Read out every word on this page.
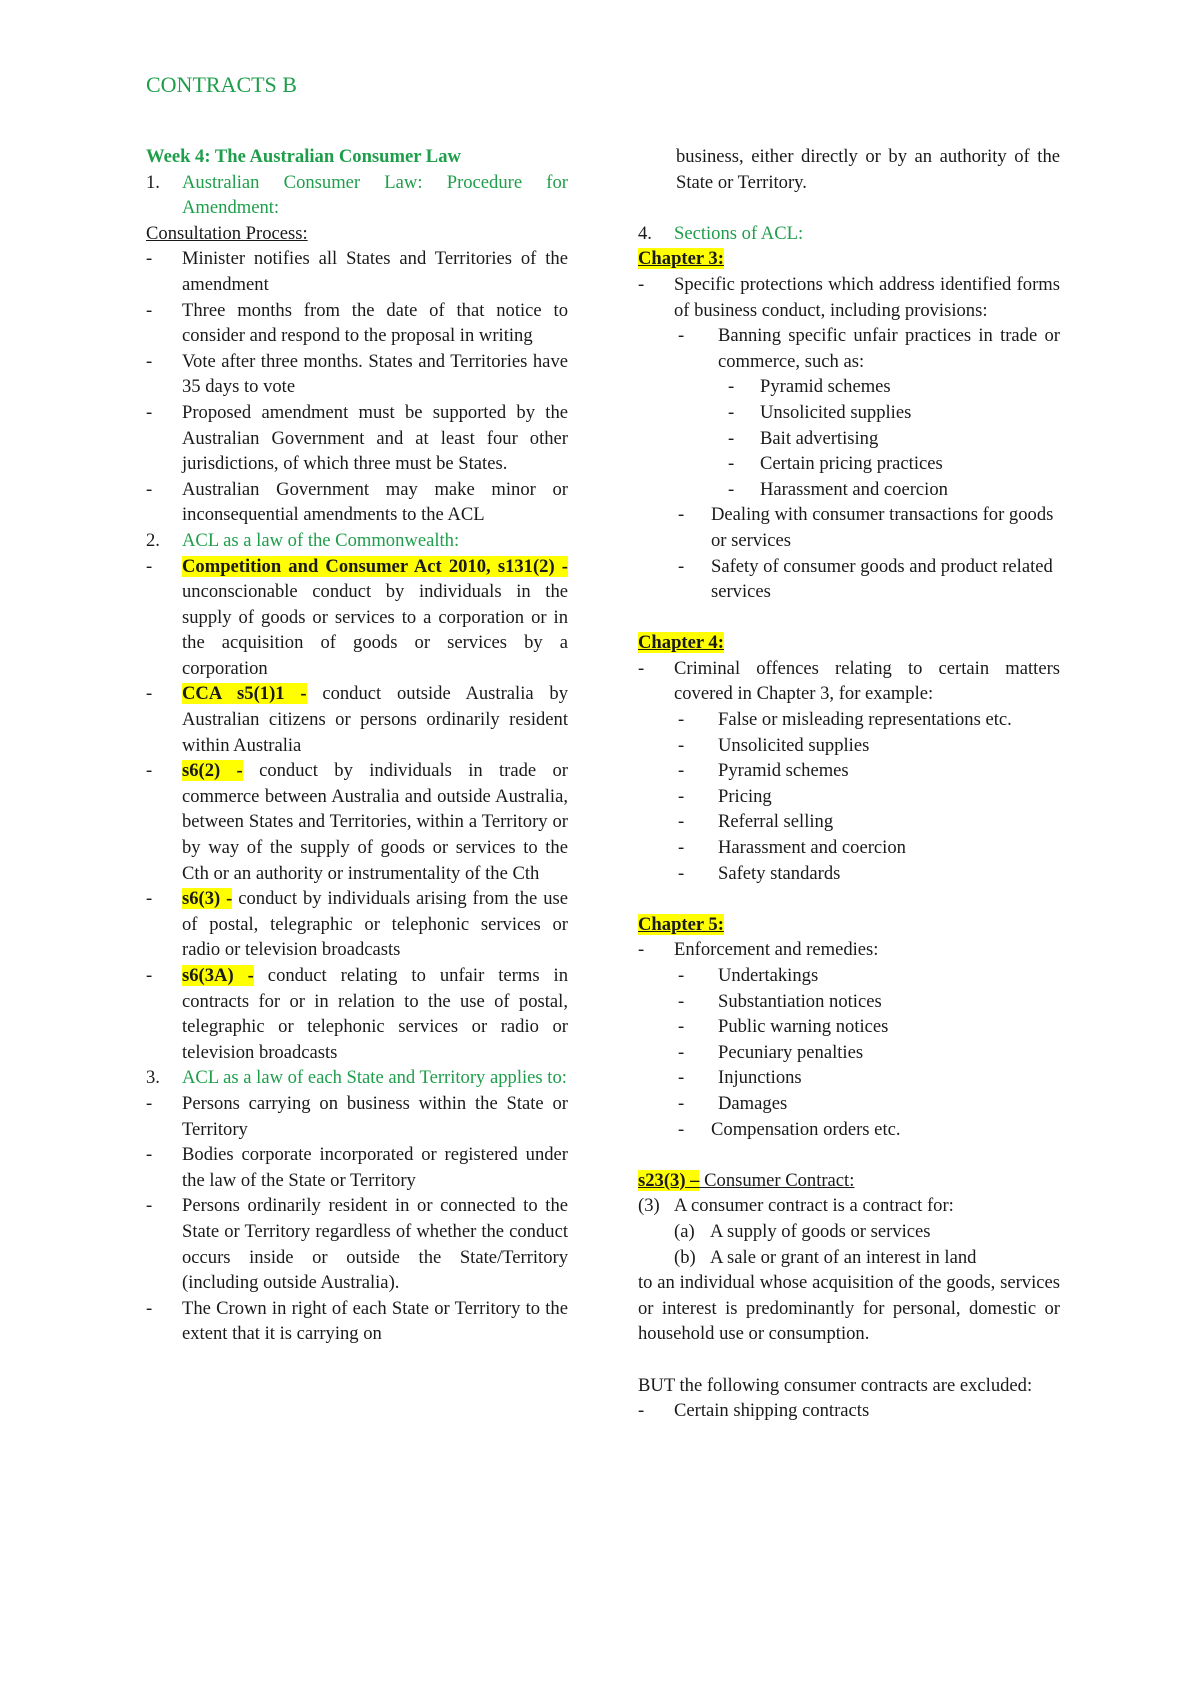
CONTRACTS B

Week 4: The Australian Consumer Law

1. Australian Consumer Law: Procedure for Amendment:

Consultation Process:

- Minister notifies all States and Territories of the amendment

- Three months from the date of that notice to consider and respond to the proposal in writing

- Vote after three months. States and Territories have 35 days to vote

- Proposed amendment must be supported by the Australian Government and at least four other jurisdictions, of which three must be States.

- Australian Government may make minor or inconsequential amendments to the ACL

2. ACL as a law of the Commonwealth:

- Competition and Consumer Act 2010, s131(2) - unconscionable conduct by individuals in the supply of goods or services to a corporation or in the acquisition of goods or services by a corporation

- CCA s5(1)1 - conduct outside Australia by Australian citizens or persons ordinarily resident within Australia

- s6(2) - conduct by individuals in trade or commerce between Australia and outside Australia, between States and Territories, within a Territory or by way of the supply of goods or services to the Cth or an authority or instrumentality of the Cth

- s6(3) - conduct by individuals arising from the use of postal, telegraphic or telephonic services or radio or television broadcasts

- s6(3A) - conduct relating to unfair terms in contracts for or in relation to the use of postal, telegraphic or telephonic services or radio or television broadcasts

3. ACL as a law of each State and Territory applies to:

- Persons carrying on business within the State or Territory

- Bodies corporate incorporated or registered under the law of the State or Territory

- Persons ordinarily resident in or connected to the State or Territory regardless of whether the conduct occurs inside or outside the State/Territory (including outside Australia).

- The Crown in right of each State or Territory to the extent that it is carrying on

business, either directly or by an authority of the State or Territory.

4. Sections of ACL:

Chapter 3:

- Specific protections which address identified forms of business conduct, including provisions:

- Banning specific unfair practices in trade or commerce, such as:

- Pyramid schemes

- Unsolicited supplies

- Bait advertising

- Certain pricing practices

- Harassment and coercion

- Dealing with consumer transactions for goods or services

- Safety of consumer goods and product related services

Chapter 4:

- Criminal offences relating to certain matters covered in Chapter 3, for example:

- False or misleading representations etc.

- Unsolicited supplies

- Pyramid schemes

- Pricing

- Referral selling

- Harassment and coercion

- Safety standards

Chapter 5:

- Enforcement and remedies:

- Undertakings

- Substantiation notices

- Public warning notices

- Pecuniary penalties

- Injunctions

- Damages

- Compensation orders etc.

s23(3) – Consumer Contract:

(3) A consumer contract is a contract for:

(a) A supply of goods or services

(b) A sale or grant of an interest in land

to an individual whose acquisition of the goods, services or interest is predominantly for personal, domestic or household use or consumption.

BUT the following consumer contracts are excluded:

- Certain shipping contracts
